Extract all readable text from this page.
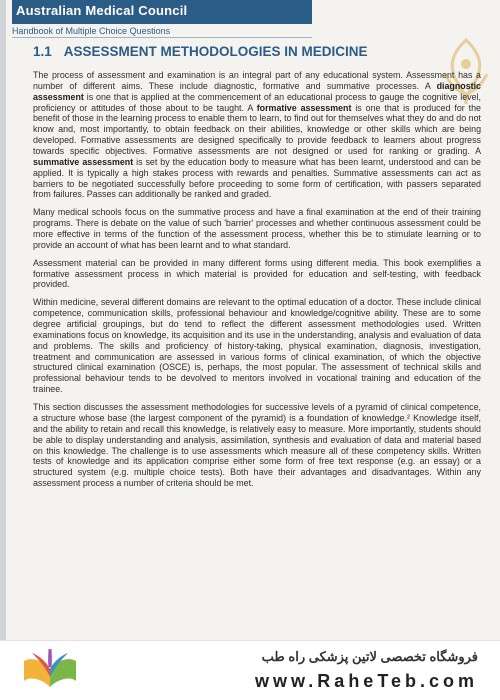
Australian Medical Council
Handbook of Multiple Choice Questions
1.1 ASSESSMENT METHODOLOGIES IN MEDICINE

The process of assessment and examination is an integral part of any educational system. Assessment has a number of different aims. These include diagnostic, formative and summative processes. A diagnostic assessment is one that is applied at the commencement of an educational process to gauge the cognitive level, proficiency or attitudes of those about to be taught. A formative assessment is one that is produced for the benefit of those in the learning process to enable them to learn, to find out for themselves what they do and do not know and, most importantly, to obtain feedback on their abilities, knowledge or other skills which are being developed. Formative assessments are designed specifically to provide feedback to learners about progress towards specific objectives. Formative assessments are not designed or used for ranking or grading. A summative assessment is set by the education body to measure what has been learnt, understood and can be applied. It is typically a high stakes process with rewards and penalties. Summative assessments can act as barriers to be negotiated successfully before proceeding to some form of certification, with passers separated from failures. Passes can additionally be ranked and graded.

Many medical schools focus on the summative process and have a final examination at the end of their training programs. There is debate on the value of such 'barrier' processes and whether continuous assessment could be more effective in terms of the function of the assessment process, whether this be to stimulate learning or to provide an account of what has been learnt and to what standard.

Assessment material can be provided in many different forms using different media. This book exemplifies a formative assessment process in which material is provided for education and self-testing, with feedback provided.

Within medicine, several different domains are relevant to the optimal education of a doctor. These include clinical competence, communication skills, professional behaviour and knowledge/cognitive ability. These are to some degree artificial groupings, but do tend to reflect the different assessment methodologies used. Written examinations focus on knowledge, its acquisition and its use in the understanding, analysis and evaluation of data and problems. The skills and proficiency of history-taking, physical examination, diagnosis, investigation, treatment and communication are assessed in various forms of clinical examination, of which the objective structured clinical examination (OSCE) is, perhaps, the most popular. The assessment of technical skills and professional behaviour tends to be devolved to mentors involved in vocational training and education of the trainee.

This section discusses the assessment methodologies for successive levels of a pyramid of clinical competence, a structure whose base (the largest component of the pyramid) is a foundation of knowledge.² Knowledge itself, and the ability to retain and recall this knowledge, is relatively easy to measure. More importantly, students should be able to display understanding and analysis, assimilation, synthesis and evaluation of data and material based on this knowledge. The challenge is to use assessments which measure all of these competency skills. Written tests of knowledge and its application comprise either some form of free text response (e.g. an essay) or a structured system (e.g. multiple choice tests). Both have their advantages and disadvantages. Within any assessment process a number of criteria should be met.

فروشگاه تخصصی لاتین پزشکی راه طب
www.RaheTeb.com
